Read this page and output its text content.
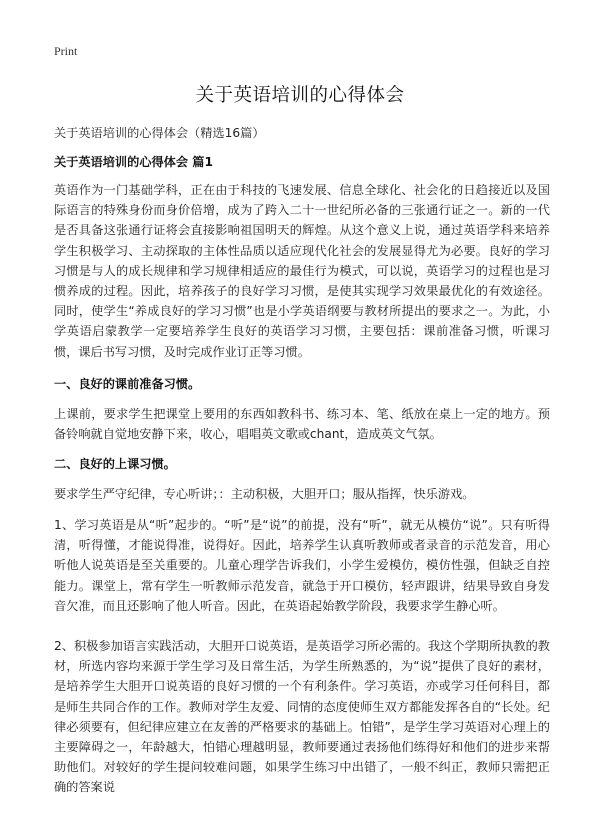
Print
关于英语培训的心得体会
关于英语培训的心得体会（精选16篇）
关于英语培训的心得体会 篇1

英语作为一门基础学科，正在由于科技的飞速发展、信息全球化、社会化的日趋接近以及国际语言的特殊身份而身价倍增，成为了跨入二十一世纪所必备的三张通行证之一。新的一代是否具备这张通行证将会直接影响祖国明天的辉煌。从这个意义上说，通过英语学科来培养学生积极学习、主动探取的主体性品质以适应现代化社会的发展显得尤为必要。良好的学习习惯是与人的成长规律和学习规律相适应的最佳行为模式，可以说，英语学习的过程也是习惯养成的过程。因此，培养孩子的良好学习习惯，是使其实现学习效果最优化的有效途径。同时，使学生“养成良好的学习习惯”也是小学英语纲要与教材所提出的要求之一。为此，小学英语启蒙教学一定要培养学生良好的英语学习习惯，主要包括：课前准备习惯，听课习惯，课后书写习惯，及时完成作业订正等习惯。

一、良好的课前准备习惯。

上课前，要求学生把课堂上要用的东西如教科书、练习本、笔、纸放在桌上一定的地方。预备铃响就自觉地安静下来，收心，唱唱英文歌或chant，造成英文气氛。

二、良好的上课习惯。

要求学生严守纪律，专心听讲；：主动积极，大胆开口；服从指挥，快乐游戏。

1、学习英语是从“听”起步的。“听”是“说”的前提，没有“听”，就无从模仿“说”。只有听得清，听得懂，才能说得准，说得好。因此，培养学生认真听教师或者录音的示范发音，用心听他人说英语是至关重要的。儿童心理学告诉我们，小学生爱模仿，模仿性强，但缺乏自控能力。课堂上，常有学生一听教师示范发音，就急于开口模仿，轻声跟讲，结果导致自身发音欠准，而且还影响了他人听音。因此，在英语起始教学阶段，我要求学生静心听。

2、积极参加语言实践活动，大胆开口说英语，是英语学习所必需的。我这个学期所执教的教材，所选内容均来源于学生学习及日常生活，为学生所熟悉的，为“说”提供了良好的素材，是培养学生大胆开口说英语的良好习惯的一个有利条件。学习英语，亦或学习任何科目，都是师生共同合作的工作。教师对学生友爱、同情的态度使师生双方都能发挥各自的“长处。纪律必须要有，但纪律应建立在友善的严格要求的基础上。怕错”，是学生学习英语对心理上的主要障碍之一，年龄越大，怕错心理越明显，教师要通过表扬他们练得好和他们的进步来帮助他们。对较好的学生提问较难问题，如果学生练习中出错了，一般不纠正，教师只需把正确的答案说
